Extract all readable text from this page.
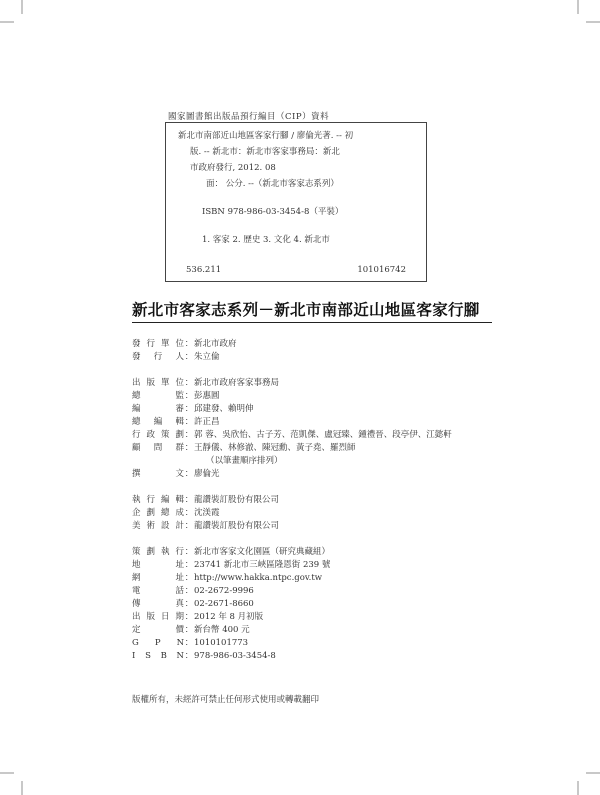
國家圖書館出版品預行編目（CIP）資料
新北市南部近山地區客家行腳 / 廖倫光著. -- 初
版. -- 新北市：新北市客家事務局：新北
市政府發行, 2012. 08
面： 公分. --（新北市客家志系列）
ISBN 978-986-03-3454-8（平裝）
1. 客家 2. 歷史 3. 文化 4. 新北市
536.211	101016742
新北市客家志系列－新北市南部近山地區客家行腳
發 行 單 位 ： 新北市政府
發 行 人 ： 朱立倫
出 版 單 位 ： 新北市政府客家事務局
總	監 ： 彭惠圓
編	審 ： 邱建發、賴明伸
總 編 輯 ： 許正昌
行 政 策 劃 ： 郭 蓉、吳欣怡、古子芳、范凱傑、盧冠臻、鍾禮晉、段亭伊、江懿軒
顧 問 群 ： 王靜儀、林修澈、陳冠勳、黃子堯、羅烈師
（以筆畫順序排列）
撰	文 ： 廖倫光
執 行 編 輯 ： 龍讚裝訂股份有限公司
企 劃 總 成 ： 沈渼霞
美 術 設 計 ： 龍讚裝訂股份有限公司
策 劃 執 行 ： 新北市客家文化園區（研究典藏組）
地	址 ： 23741 新北市三峽區隆恩街 239 號
網	址 ： http://www.hakka.ntpc.gov.tw
電	話 ： 02-2672-9996
傳	真 ： 02-2671-8660
出 版 日 期 ： 2012 年 8 月初版
定	價 ： 新台幣 400 元
G P N ： 1010101773
I S B N ： 978-986-03-3454-8
版權所有，未經許可禁止任何形式使用或轉載翻印
